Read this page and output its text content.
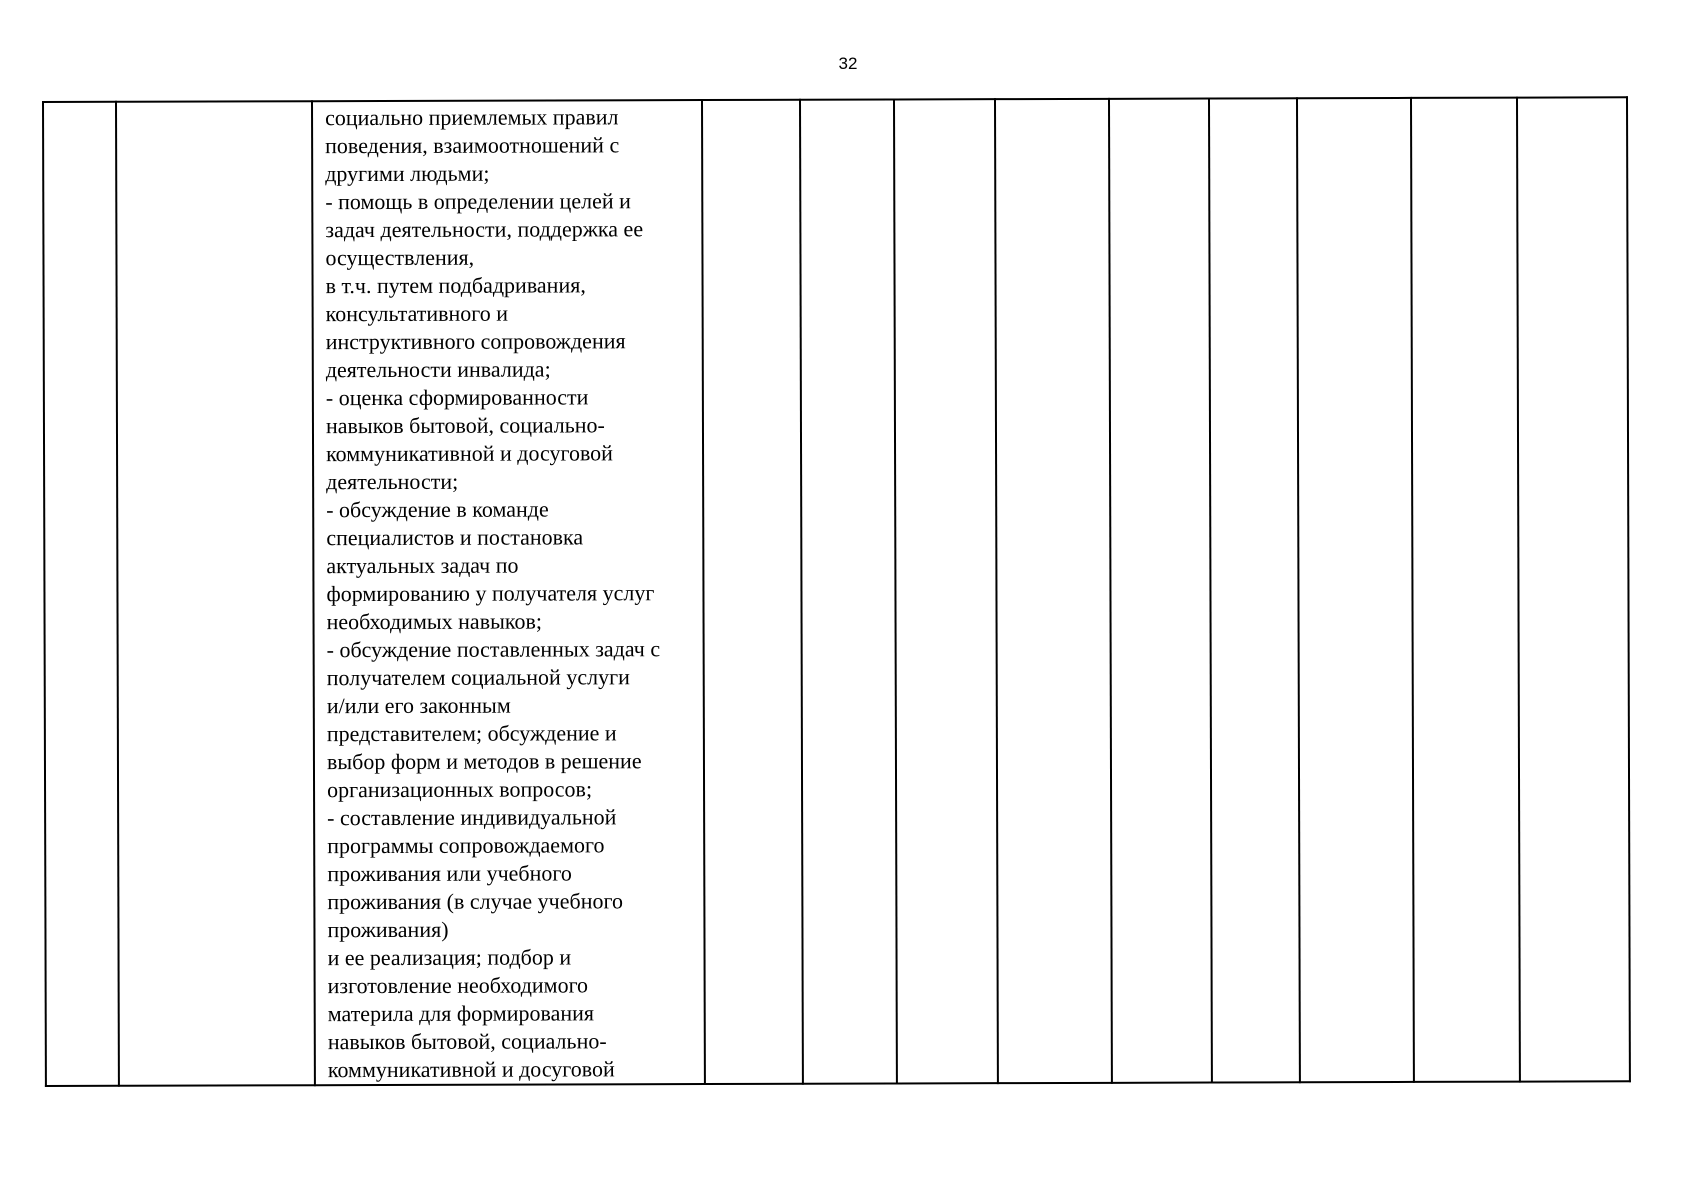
32

социально приемлемых правил
поведения, взаимоотношений с
другими людьми;
- помощь в определении целей и
задач деятельности, поддержка ее
осуществления,
в т.ч. путем подбадривания,
консультативного и
инструктивного сопровождения
деятельности инвалида;
- оценка сформированности
навыков бытовой, социально-
коммуникативной и досуговой
деятельности;
- обсуждение в команде
специалистов и постановка
актуальных задач по
формированию у получателя услуг
необходимых навыков;
- обсуждение поставленных задач с
получателем социальной услуги
и/или его законным
представителем; обсуждение и
выбор форм и методов в решение
организационных вопросов;
- составление индивидуальной
программы сопровождаемого
проживания или учебного
проживания (в случае учебного
проживания)
и ее реализация; подбор и
изготовление необходимого
материла для формирования
навыков бытовой, социально-
коммуникативной и досуговой
